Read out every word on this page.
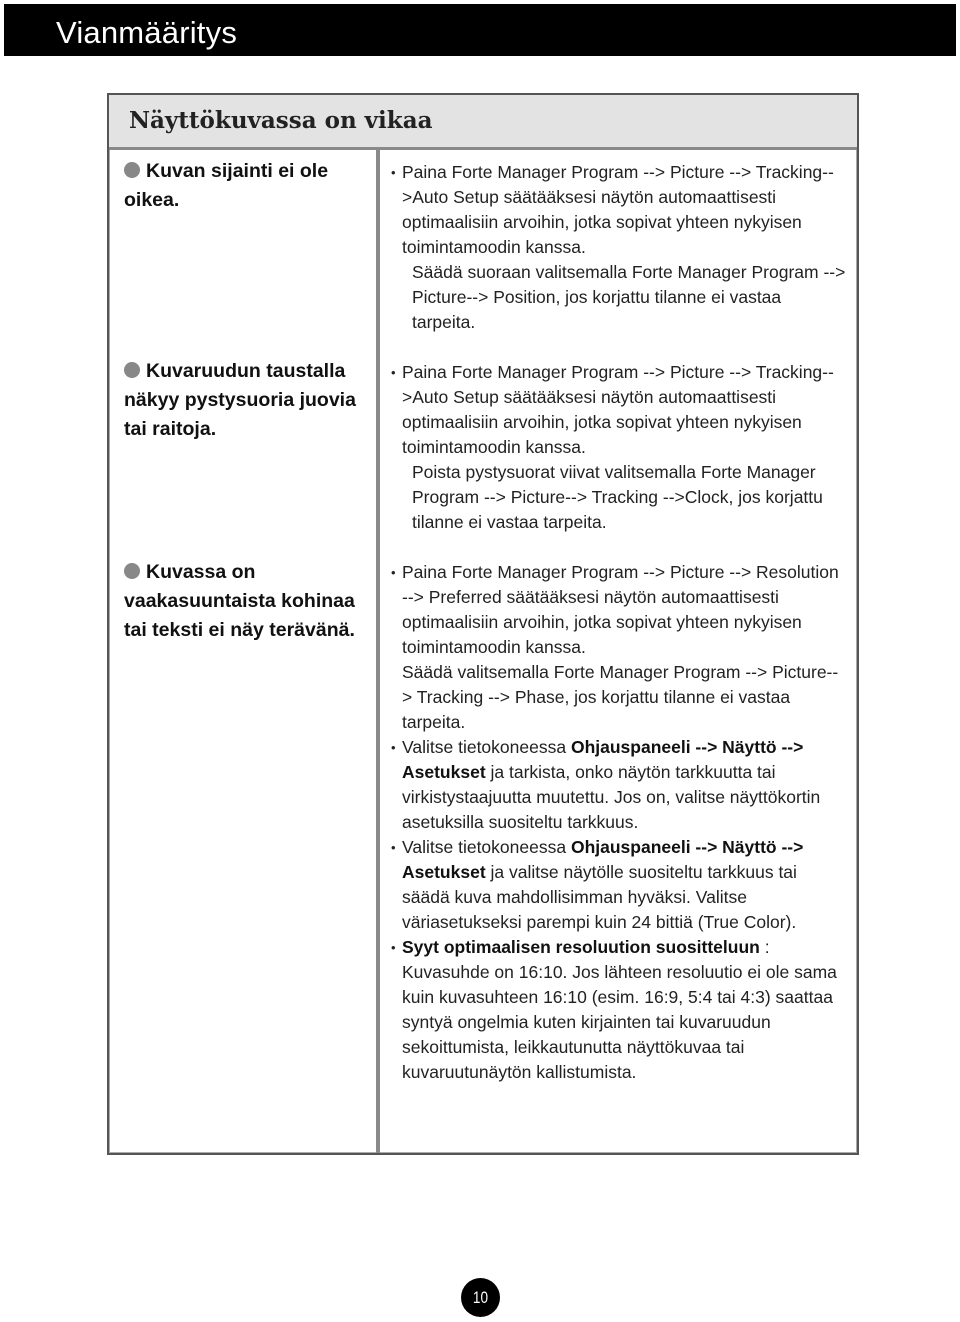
Vianmääritys
Näyttökuvassa on vikaa
Kuvan sijainti ei ole oikea.
Kuvaruudun taustalla näkyy pystysuoria juovia tai raitoja.
Kuvassa on vaakasuuntaista kohinaa tai teksti ei näy terävänä.
• Paina Forte Manager Program --> Picture --> Tracking-->Auto Setup säätääksesi näytön automaattisesti optimaalisiin arvoihin, jotka sopivat yhteen nykyisen toimintamoodin kanssa.
Säädä suoraan valitsemalla Forte Manager Program --> Picture--> Position, jos korjattu tilanne ei vastaa tarpeita.
• Paina Forte Manager Program --> Picture --> Tracking-->Auto Setup säätääksesi näytön automaattisesti optimaalisiin arvoihin, jotka sopivat yhteen nykyisen toimintamoodin kanssa.
Poista pystysuorat viivat valitsemalla Forte Manager Program --> Picture--> Tracking -->Clock, jos korjattu tilanne ei vastaa tarpeita.
• Paina Forte Manager Program --> Picture --> Resolution --> Preferred säätääksesi näytön automaattisesti optimaalisiin arvoihin, jotka sopivat yhteen nykyisen toimintamoodin kanssa.
Säädä valitsemalla Forte Manager Program --> Picture--> Tracking --> Phase, jos korjattu tilanne ei vastaa tarpeita.
• Valitse tietokoneessa Ohjauspaneeli --> Näyttö --> Asetukset ja tarkista, onko näytön tarkkuutta tai virkistystaajuutta muutettu. Jos on, valitse näyttökortin asetuksilla suositeltu tarkkuus.
• Valitse tietokoneessa Ohjauspaneeli --> Näyttö --> Asetukset ja valitse näytölle suositeltu tarkkuus tai säädä kuva mahdollisimman hyväksi. Valitse väriasetukseksi parempi kuin 24 bittiä (True Color).
• Syyt optimaalisen resoluution suositteluun : Kuvasuhde on 16:10. Jos lähteen resoluutio ei ole sama kuin kuvasuhteen 16:10 (esim. 16:9, 5:4 tai 4:3) saattaa syntyä ongelmia kuten kirjainten tai kuvaruudun sekoittumista, leikkautunutta näyttökuvaa tai kuvaruutunäytön kallistumista.
10
